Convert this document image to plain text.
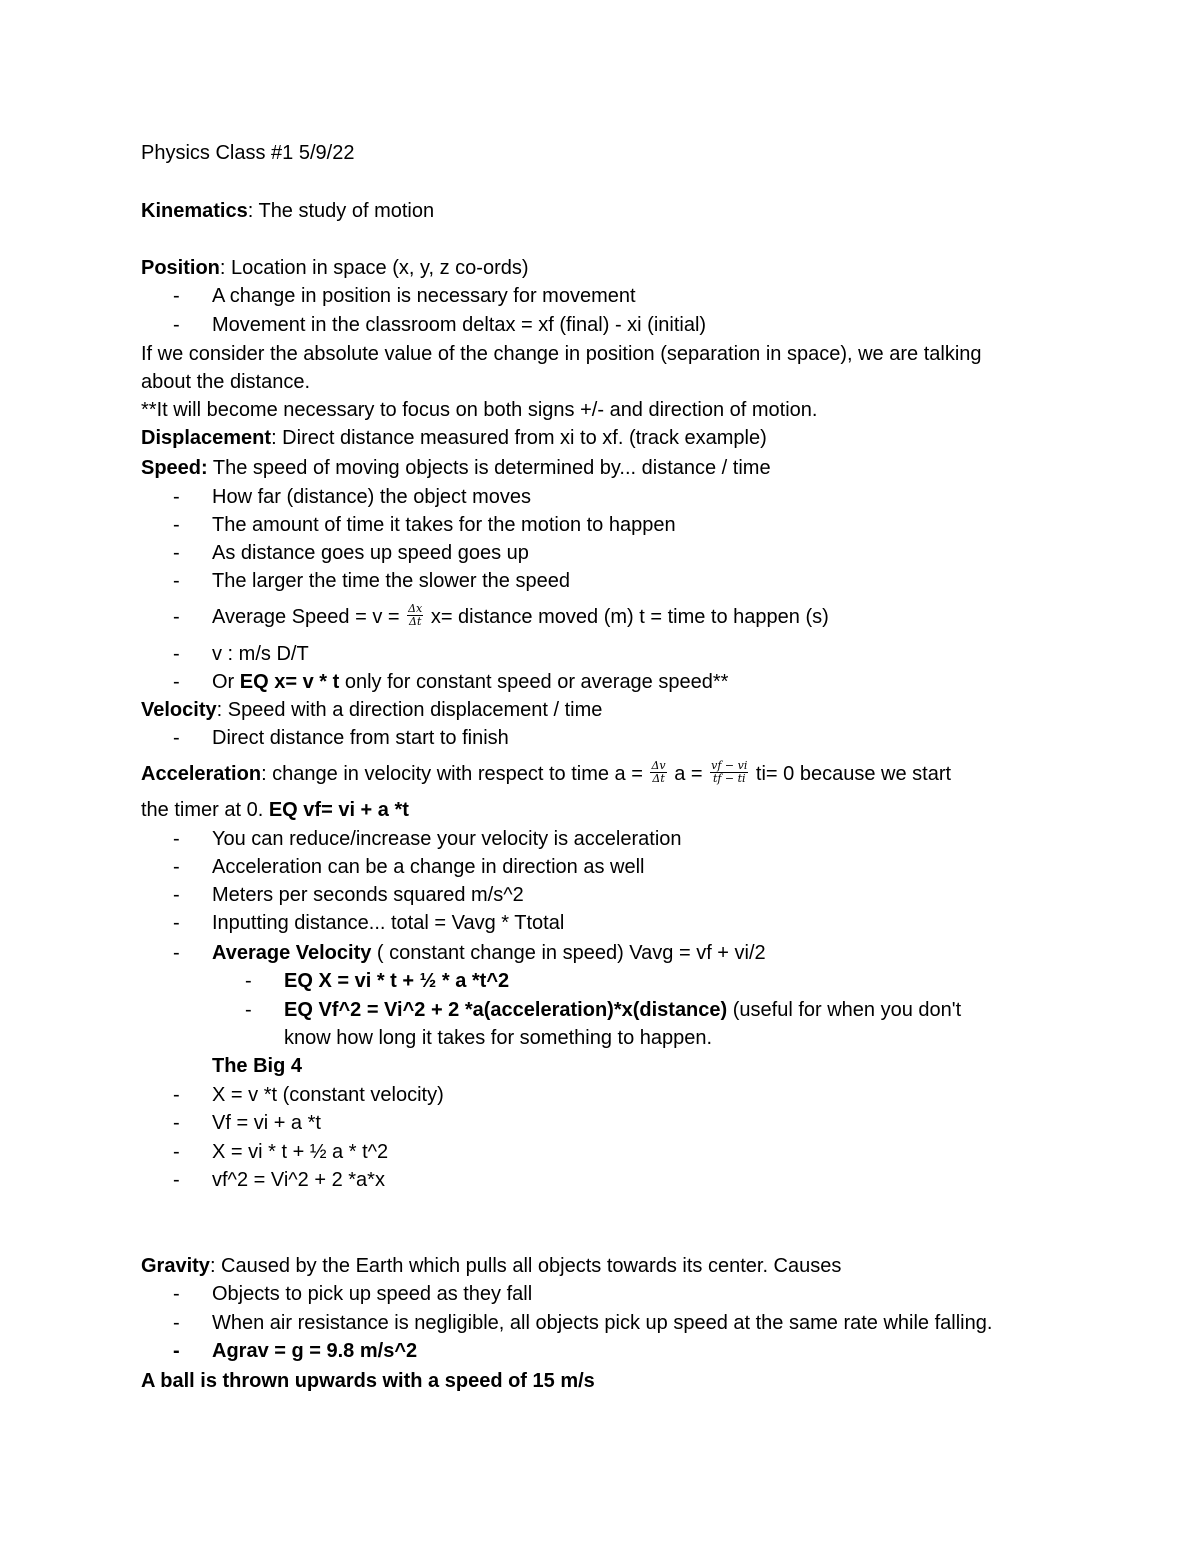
Physics Class #1 5/9/22
Kinematics: The study of motion
Position: Location in space (x, y, z co-ords)
- A change in position is necessary for movement
- Movement in the classroom deltax = xf (final) - xi (initial)
If we consider the absolute value of the change in position (separation in space), we are talking
about the distance.
**It will become necessary to focus on both signs +/- and direction of motion.
Displacement: Direct distance measured from xi to xf. (track example)
Speed: The speed of moving objects is determined by... distance / time
- How far (distance) the object moves
- The amount of time it takes for the motion to happen
- As distance goes up speed goes up
- The larger the time the slower the speed
- Average Speed = $v = \frac{\Delta x}{\Delta t} x=$ distance moved (m) t = time to happen (s)
- v : m/s D/T
- Or EQ x= v * t only for constant speed or average speed**
Velocity: Speed with a direction displacement / time
- Direct distance from start to finish
Acceleration: change in velocity with respect to time $a = \frac{\Delta v}{\Delta t}$ $a = \frac{vf - vi}{tf - ti} ti= 0$ because we start
the timer at 0. EQ vf= vi + a *t
- You can reduce/increase your velocity is acceleration
- Acceleration can be a change in direction as well
- Meters per seconds squared m/s^2
- Inputting distance... total = Vavg * Ttotal
- Average Velocity ( constant change in speed) Vavg = vf + vi/2
- EQ X = vi * t + ½ * a *t^2
- EQ Vf^2 = Vi^2 + 2 *a(acceleration)*x(distance) (useful for when you don't
know how long it takes for something to happen.
The Big 4
- X = v *t (constant velocity)
- Vf = vi + a *t
- X = vi * t + ½ a * t^2
- vf^2 = Vi^2 + 2 *a*x
Gravity: Caused by the Earth which pulls all objects towards its center. Causes
- Objects to pick up speed as they fall
- When air resistance is negligible, all objects pick up speed at the same rate while falling.
- Agrav = g = 9.8 m/s^2
A ball is thrown upwards with a speed of 15 m/s
